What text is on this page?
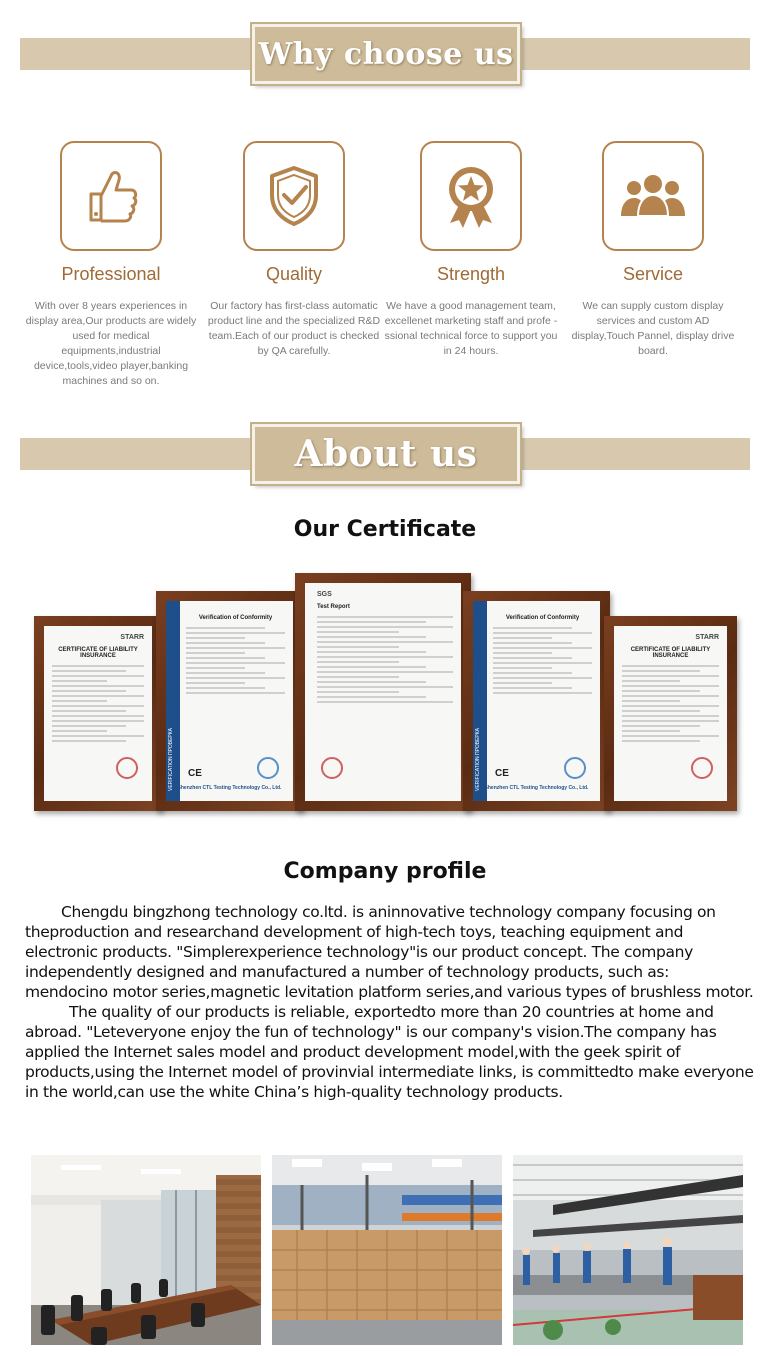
Why choose us
Professional
With over 8 years experiences in display area,Our products are widely used for medical equipments,industrial device,tools,video player,banking machines and so on.
Quality
Our factory has first-class automatic product line and the specialized R&D team.Each of our product is checked by QA carefully.
Strength
We have a good management team, excellenet marketing staff and profe -ssional technical force to support you in 24 hours.
Service
We can supply custom display services and custom AD display,Touch Pannel, display drive board.
About us
Our Certificate
STARR
CERTIFICATE OF LIABILITY INSURANCE
VERIFICATION ПРОВЕРКА
Verification of Conformity
CE
Shenzhen CTL Testing Technology Co., Ltd.
SGS
Test Report
VERIFICATION ПРОВЕРКА
Verification of Conformity
CE
Shenzhen CTL Testing Technology Co., Ltd.
STARR
CERTIFICATE OF LIABILITY INSURANCE
Company profile

Chengdu bingzhong technology co.ltd. is aninnovative technology company focusing on theproduction and researchand development of high-tech toys, teaching equipment and electronic products. "Simplerexperience technology"is our product concept. The company independently designed and manufactured a number of technology products, such as: mendocino motor series,magnetic levitation platform series,and various types of brushless motor.

The quality of our products is reliable, exportedto more than 20 countries at home and abroad. "Leteveryone enjoy the fun of technology" is our company's vision.The company has applied the Internet sales model and product development model,with the geek spirit of products,using the Internet model of provinvial intermediate links, is committedto make everyone in the world,can use the white China’s high-quality technology products.
